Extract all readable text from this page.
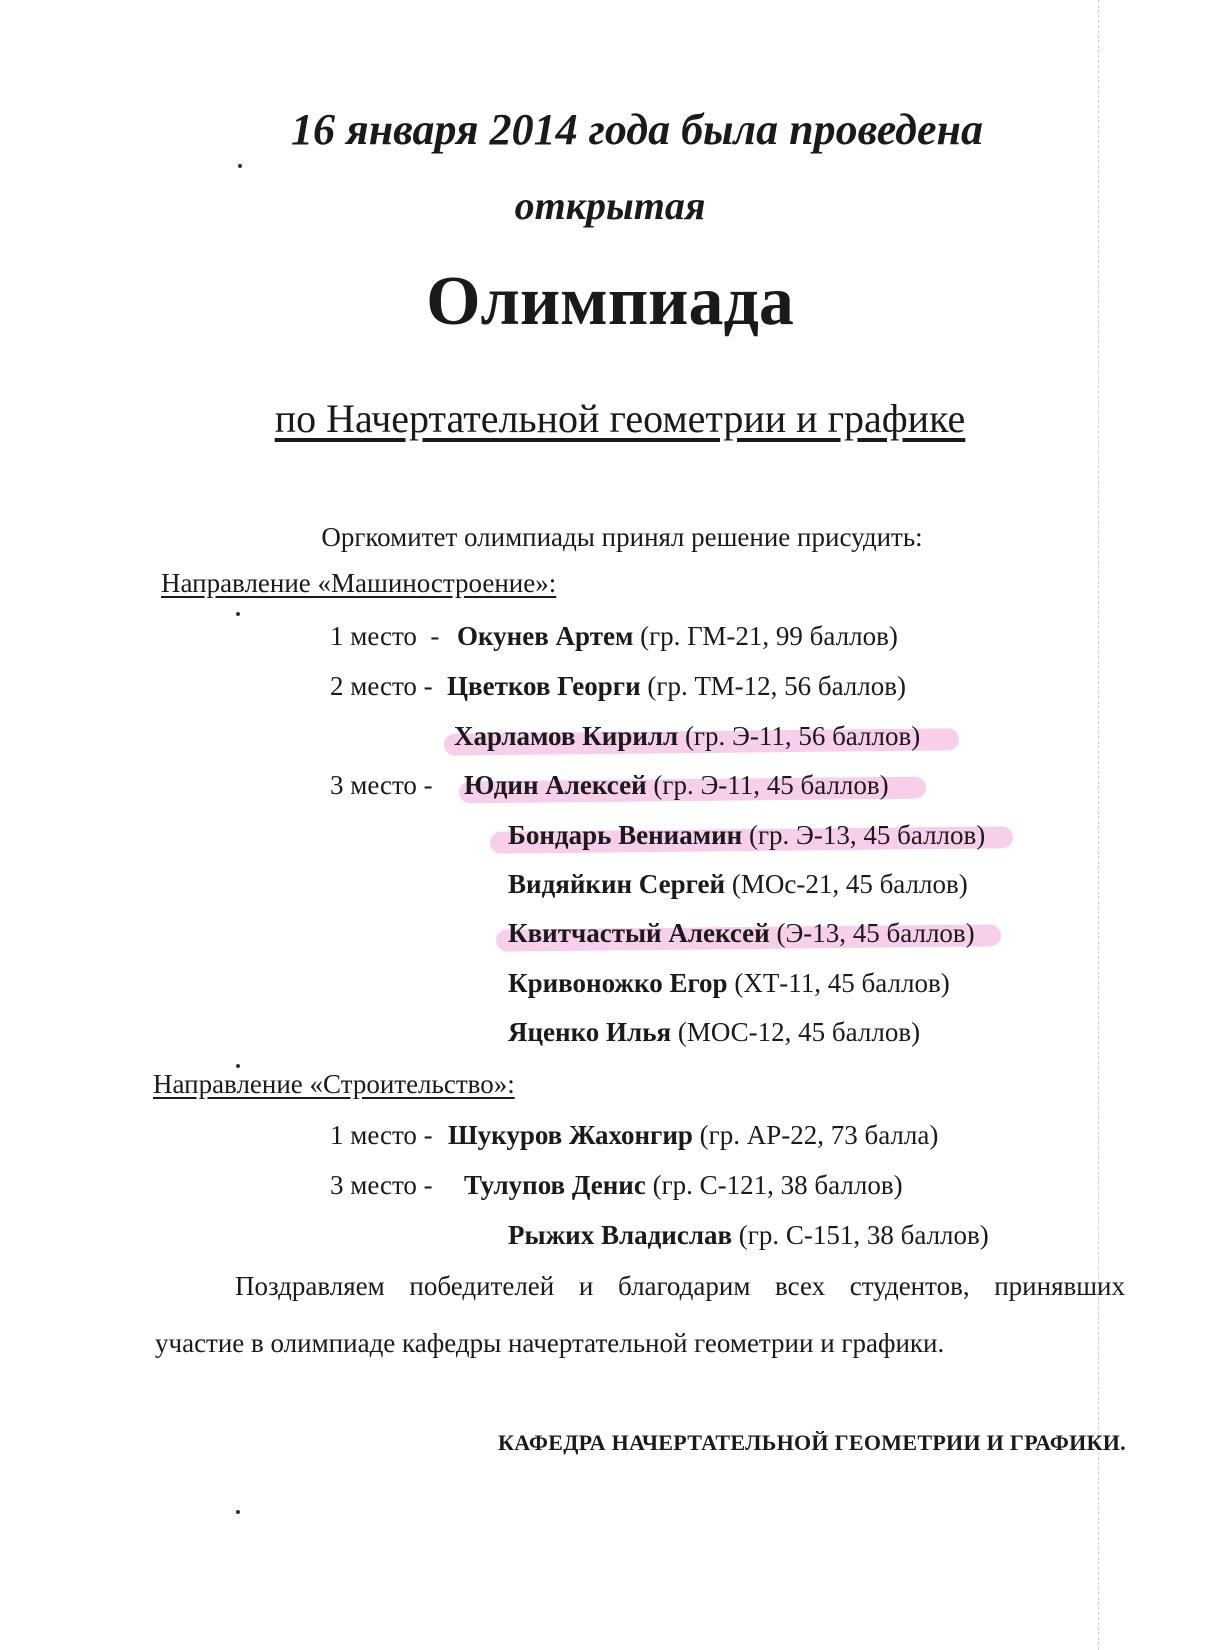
16 января 2014 года была проведена
открытая
Олимпиада
по Начертательной геометрии и графике
Оргкомитет олимпиады принял решение присудить:
Направление «Машиностроение»:
1 место - Окунев Артем (гр. ГМ-21, 99 баллов)
2 место - Цветков Георги (гр. ТМ-12, 56 баллов)
Харламов Кирилл (гр. Э-11, 56 баллов)
3 место - Юдин Алексей (гр. Э-11, 45 баллов)
Бондарь Вениамин (гр. Э-13, 45 баллов)
Видяйкин Сергей (МОс-21, 45 баллов)
Квитчастый Алексей (Э-13, 45 баллов)
Кривоножко Егор (ХТ-11, 45 баллов)
Яценко Илья (МОС-12, 45 баллов)
Направление «Строительство»:
1 место - Шукуров Жахонгир (гр. АР-22, 73 балла)
3 место - Тулупов Денис (гр. С-121, 38 баллов)
Рыжих Владислав (гр. С-151, 38 баллов)
Поздравляем победителей и благодарим всех студентов, принявших
участие в олимпиаде кафедры начертательной геометрии и графики.
КАФЕДРА НАЧЕРТАТЕЛЬНОЙ ГЕОМЕТРИИ И ГРАФИКИ.
